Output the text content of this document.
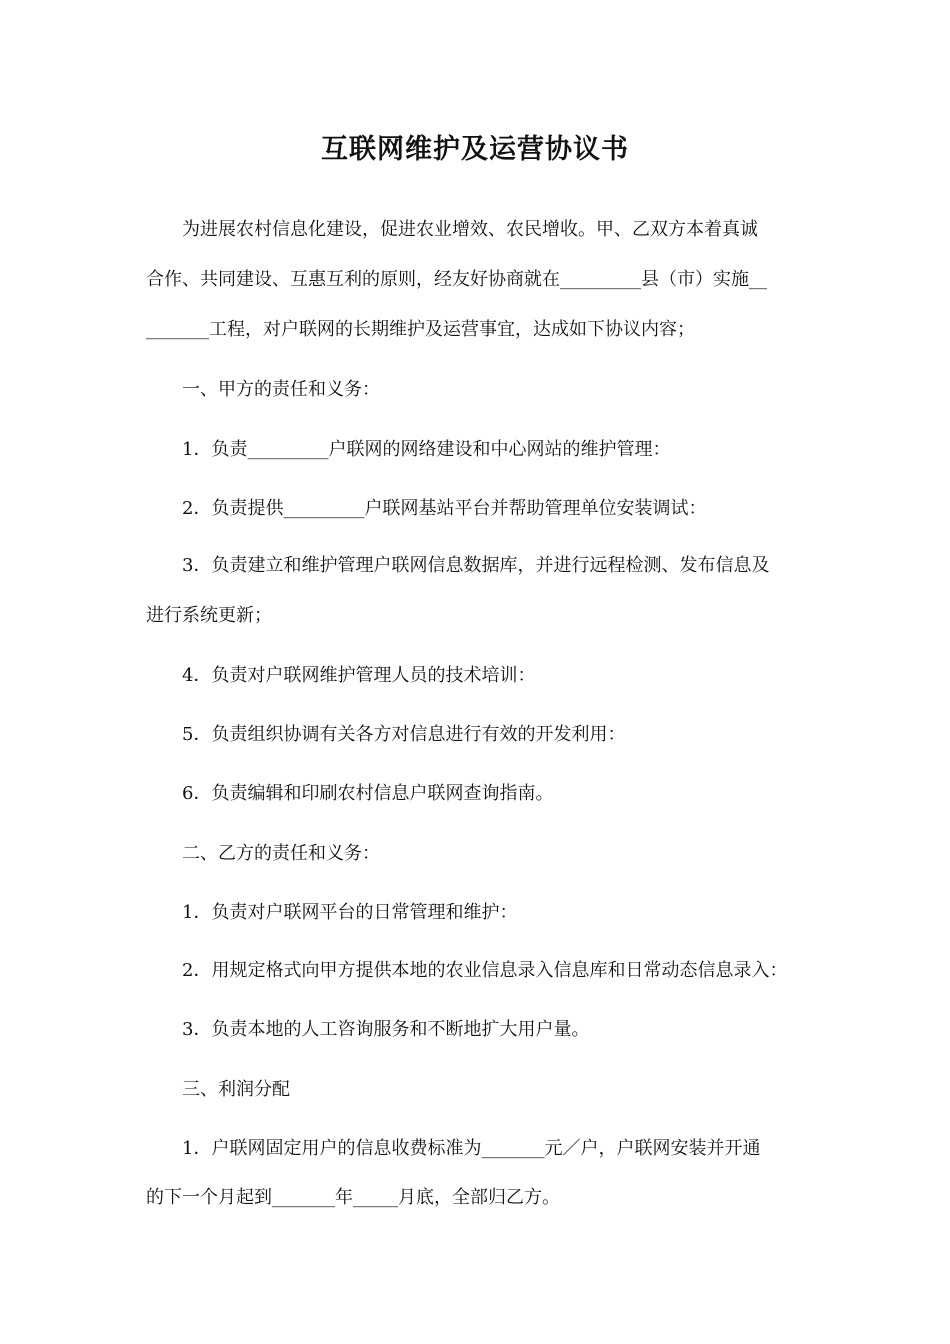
互联网维护及运营协议书
为进展农村信息化建设，促进农业增效、农民增收。甲、乙双方本着真诚
合作、共同建设、互惠互利的原则，经友好协商就在_________县（市）实施__
_______工程，对户联网的长期维护及运营事宜，达成如下协议内容；
一、甲方的责任和义务：
1．负责_________户联网的网络建设和中心网站的维护管理：
2．负责提供_________户联网基站平台并帮助管理单位安装调试：
3．负责建立和维护管理户联网信息数据库，并进行远程检测、发布信息及
进行系统更新；
4．负责对户联网维护管理人员的技术培训：
5．负责组织协调有关各方对信息进行有效的开发利用：
6．负责编辑和印刷农村信息户联网查询指南。
二、乙方的责任和义务：
1．负责对户联网平台的日常管理和维护：
2．用规定格式向甲方提供本地的农业信息录入信息库和日常动态信息录入：
3．负责本地的人工咨询服务和不断地扩大用户量。
三、利润分配
1．户联网固定用户的信息收费标准为_______元／户，户联网安装并开通
的下一个月起到_______年_____月底，全部归乙方。
